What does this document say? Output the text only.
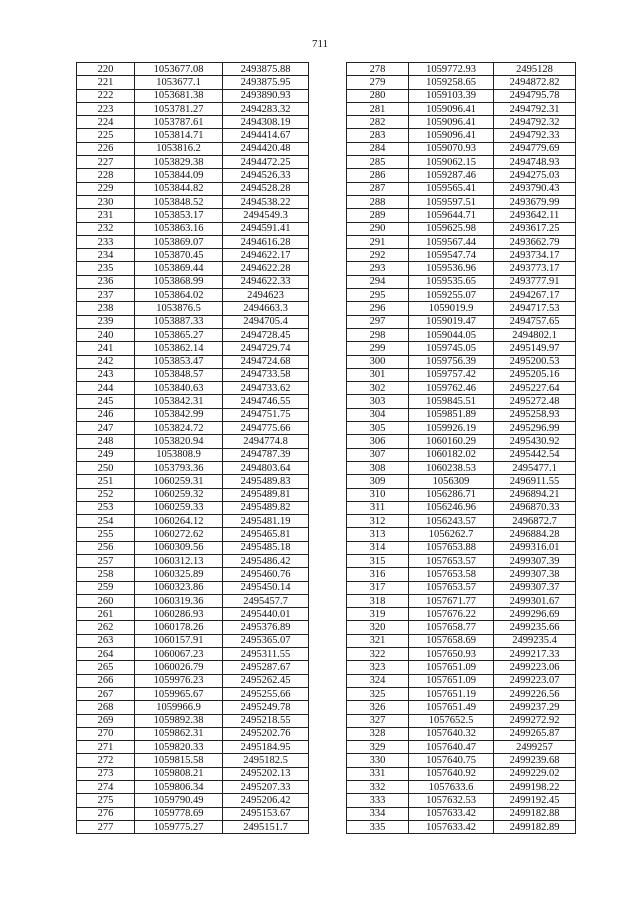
711
220	1053677.08	2493875.88
221	1053677.1	2493875.95
222	1053681.38	2493890.93
223	1053781.27	2494283.32
224	1053787.61	2494308.19
225	1053814.71	2494414.67
226	1053816.2	2494420.48
227	1053829.38	2494472.25
228	1053844.09	2494526.33
229	1053844.82	2494528.28
230	1053848.52	2494538.22
231	1053853.17	2494549.3
232	1053863.16	2494591.41
233	1053869.07	2494616.28
234	1053870.45	2494622.17
235	1053869.44	2494622.28
236	1053868.99	2494622.33
237	1053864.02	2494623
238	1053876.5	2494663.3
239	1053887.33	2494705.4
240	1053865.27	2494728.45
241	1053862.14	2494729.74
242	1053853.47	2494724.68
243	1053848.57	2494733.58
244	1053840.63	2494733.62
245	1053842.31	2494746.55
246	1053842.99	2494751.75
247	1053824.72	2494775.66
248	1053820.94	2494774.8
249	1053808.9	2494787.39
250	1053793.36	2494803.64
251	1060259.31	2495489.83
252	1060259.32	2495489.81
253	1060259.33	2495489.82
254	1060264.12	2495481.19
255	1060272.62	2495465.81
256	1060309.56	2495485.18
257	1060312.13	2495486.42
258	1060325.89	2495460.76
259	1060323.86	2495450.14
260	1060319.36	2495457.7
261	1060286.93	2495440.01
262	1060178.26	2495376.89
263	1060157.91	2495365.07
264	1060067.23	2495311.55
265	1060026.79	2495287.67
266	1059976.23	2495262.45
267	1059965.67	2495255.66
268	1059966.9	2495249.78
269	1059892.38	2495218.55
270	1059862.31	2495202.76
271	1059820.33	2495184.95
272	1059815.58	2495182.5
273	1059808.21	2495202.13
274	1059806.34	2495207.33
275	1059790.49	2495206.42
276	1059778.69	2495153.67
277	1059775.27	2495151.7
278	1059772.93	2495128
279	1059258.65	2494872.82
280	1059103.39	2494795.78
281	1059096.41	2494792.31
282	1059096.41	2494792.32
283	1059096.41	2494792.33
284	1059070.93	2494779.69
285	1059062.15	2494748.93
286	1059287.46	2494275.03
287	1059565.41	2493790.43
288	1059597.51	2493679.99
289	1059644.71	2493642.11
290	1059625.98	2493617.25
291	1059567.44	2493662.79
292	1059547.74	2493734.17
293	1059536.96	2493773.17
294	1059535.65	2493777.91
295	1059255.07	2494267.17
296	1059019.9	2494717.53
297	1059019.47	2494757.65
298	1059044.05	2494802.1
299	1059745.05	2495149.97
300	1059756.39	2495200.53
301	1059757.42	2495205.16
302	1059762.46	2495227.64
303	1059845.51	2495272.48
304	1059851.89	2495258.93
305	1059926.19	2495296.99
306	1060160.29	2495430.92
307	1060182.02	2495442.54
308	1060238.53	2495477.1
309	1056309	2496911.55
310	1056286.71	2496894.21
311	1056246.96	2496870.33
312	1056243.57	2496872.7
313	1056262.7	2496884.28
314	1057653.88	2499316.01
315	1057653.57	2499307.39
316	1057653.58	2499307.38
317	1057653.57	2499307.37
318	1057671.77	2499301.67
319	1057676.22	2499296.69
320	1057658.77	2499235.66
321	1057658.69	2499235.4
322	1057650.93	2499217.33
323	1057651.09	2499223.06
324	1057651.09	2499223.07
325	1057651.19	2499226.56
326	1057651.49	2499237.29
327	1057652.5	2499272.92
328	1057640.32	2499265.87
329	1057640.47	2499257
330	1057640.75	2499239.68
331	1057640.92	2499229.02
332	1057633.6	2499198.22
333	1057632.53	2499192.45
334	1057633.42	2499182.88
335	1057633.42	2499182.89
